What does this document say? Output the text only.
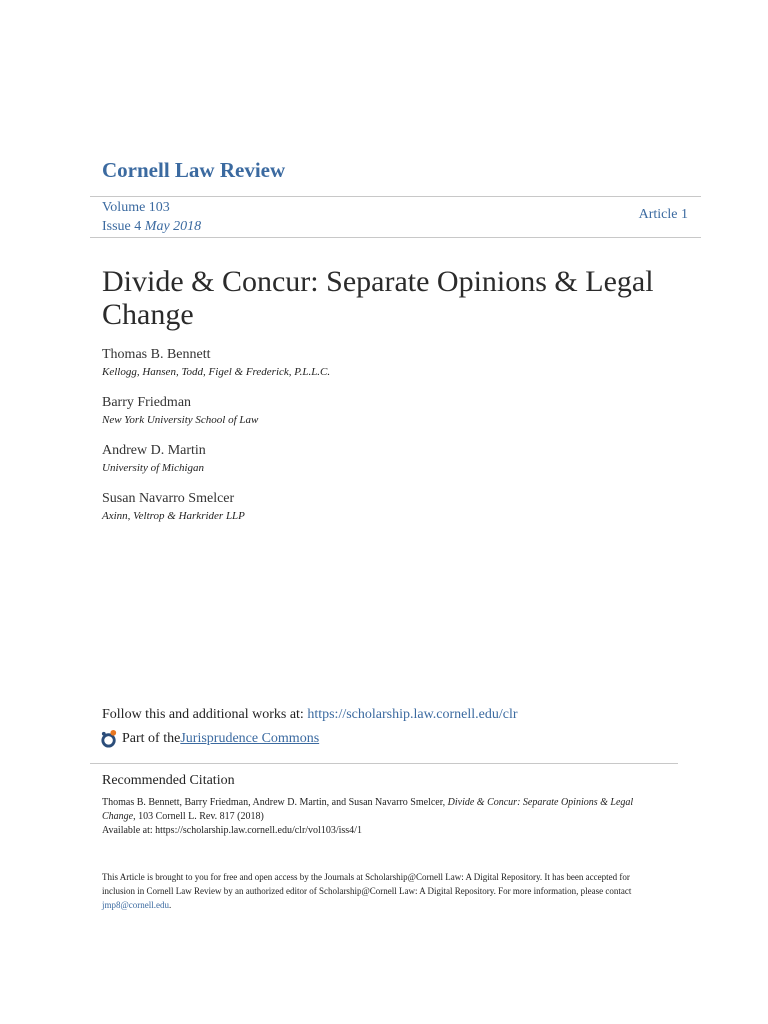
Cornell Law Review
Volume 103
Issue 4 May 2018
Article 1
Divide & Concur: Separate Opinions & Legal Change
Thomas B. Bennett
Kellogg, Hansen, Todd, Figel & Frederick, P.L.L.C.
Barry Friedman
New York University School of Law
Andrew D. Martin
University of Michigan
Susan Navarro Smelcer
Axinn, Veltrop & Harkrider LLP
Follow this and additional works at: https://scholarship.law.cornell.edu/clr
Part of the Jurisprudence Commons
Recommended Citation
Thomas B. Bennett, Barry Friedman, Andrew D. Martin, and Susan Navarro Smelcer, Divide & Concur: Separate Opinions & Legal Change, 103 Cornell L. Rev. 817 (2018)
Available at: https://scholarship.law.cornell.edu/clr/vol103/iss4/1
This Article is brought to you for free and open access by the Journals at Scholarship@Cornell Law: A Digital Repository. It has been accepted for inclusion in Cornell Law Review by an authorized editor of Scholarship@Cornell Law: A Digital Repository. For more information, please contact jmp8@cornell.edu.
